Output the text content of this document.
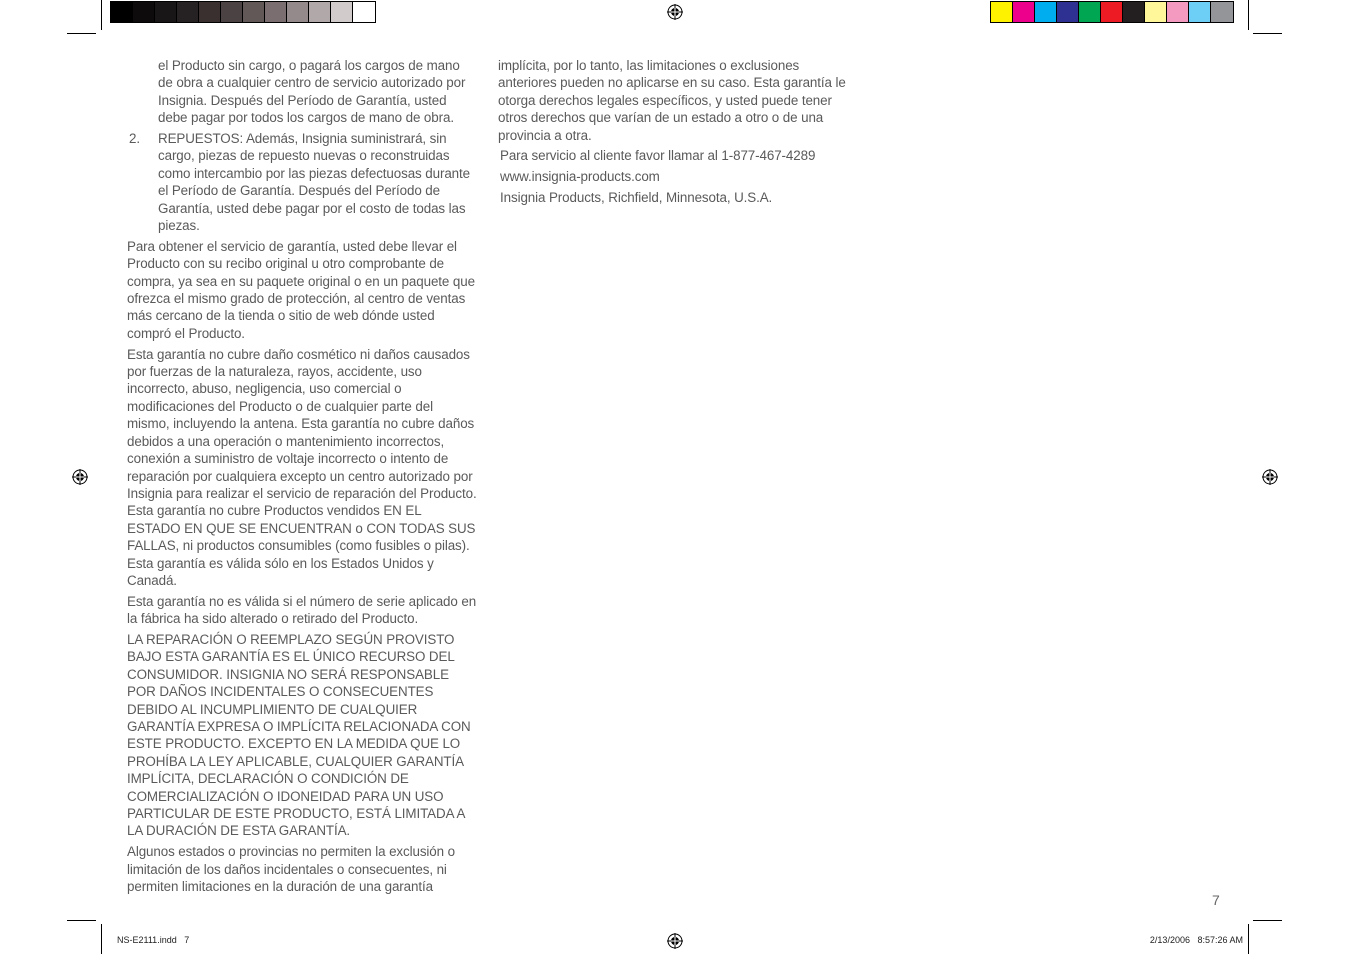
el Producto sin cargo, o pagará los cargos de mano de obra a cualquier centro de servicio autorizado por Insignia. Después del Período de Garantía, usted debe pagar por todos los cargos de mano de obra.

2. REPUESTOS: Además, Insignia suministrará, sin cargo, piezas de repuesto nuevas o reconstruidas como intercambio por las piezas defectuosas durante el Período de Garantía. Después del Período de Garantía, usted debe pagar por el costo de todas las piezas.

Para obtener el servicio de garantía, usted debe llevar el Producto con su recibo original u otro comprobante de compra, ya sea en su paquete original o en un paquete que ofrezca el mismo grado de protección, al centro de ventas más cercano de la tienda o sitio de web dónde usted compró el Producto.

Esta garantía no cubre daño cosmético ni daños causados por fuerzas de la naturaleza, rayos, accidente, uso incorrecto, abuso, negligencia, uso comercial o modificaciones del Producto o de cualquier parte del mismo, incluyendo la antena. Esta garantía no cubre daños debidos a una operación o mantenimiento incorrectos, conexión a suministro de voltaje incorrecto o intento de reparación por cualquiera excepto un centro autorizado por Insignia para realizar el servicio de reparación del Producto. Esta garantía no cubre Productos vendidos EN EL ESTADO EN QUE SE ENCUENTRAN o CON TODAS SUS FALLAS, ni productos consumibles (como fusibles o pilas). Esta garantía es válida sólo en los Estados Unidos y Canadá.

Esta garantía no es válida si el número de serie aplicado en la fábrica ha sido alterado o retirado del Producto.

LA REPARACIÓN O REEMPLAZO SEGÚN PROVISTO BAJO ESTA GARANTÍA ES EL ÚNICO RECURSO DEL CONSUMIDOR. INSIGNIA NO SERÁ RESPONSABLE POR DAÑOS INCIDENTALES O CONSECUENTES DEBIDO AL INCUMPLIMIENTO DE CUALQUIER GARANTÍA EXPRESA O IMPLÍCITA RELACIONADA CON ESTE PRODUCTO. EXCEPTO EN LA MEDIDA QUE LO PROHÍBA LA LEY APLICABLE, CUALQUIER GARANTÍA IMPLÍCITA, DECLARACIÓN O CONDICIÓN DE COMERCIALIZACIÓN O IDONEIDAD PARA UN USO PARTICULAR DE ESTE PRODUCTO, ESTÁ LIMITADA A LA DURACIÓN DE ESTA GARANTÍA.

Algunos estados o provincias no permiten la exclusión o limitación de los daños incidentales o consecuentes, ni permiten limitaciones en la duración de una garantía

implícita, por lo tanto, las limitaciones o exclusiones anteriores pueden no aplicarse en su caso. Esta garantía le otorga derechos legales específicos, y usted puede tener otros derechos que varían de un estado a otro o de una provincia a otra.

Para servicio al cliente favor llamar al 1-877-467-4289

www.insignia-products.com

Insignia Products, Richfield, Minnesota, U.S.A.

7
NS-E2111.indd   7	2/13/2006   8:57:26 AM
